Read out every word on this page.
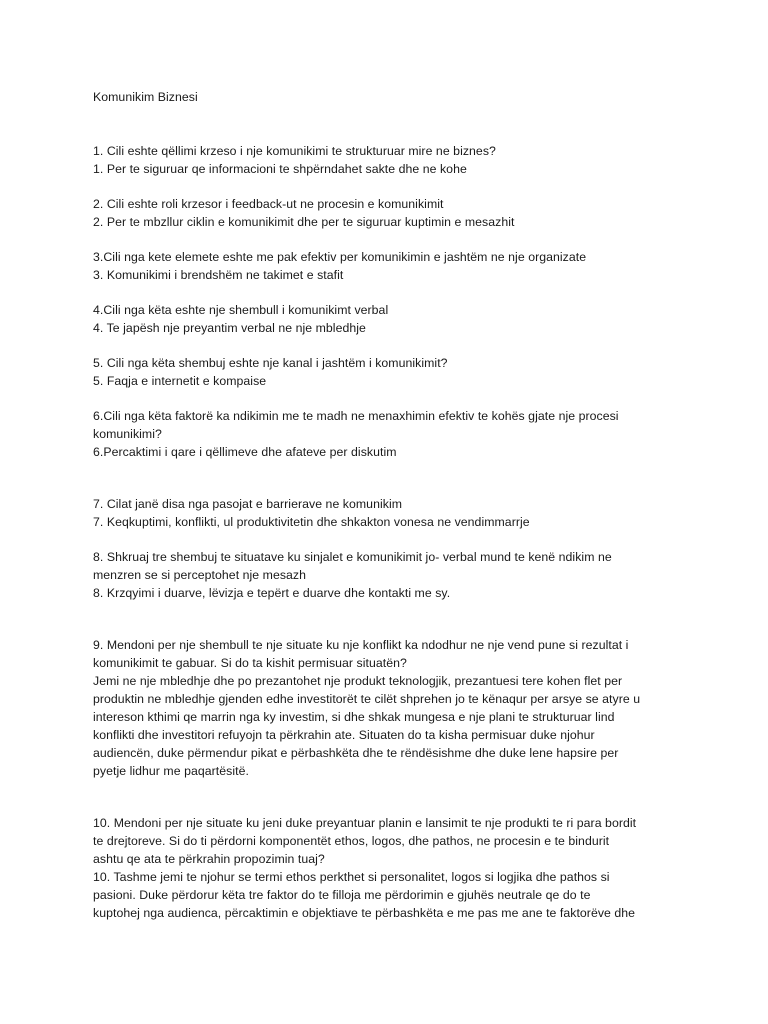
Komunikim Biznesi
1. Cili eshte qëllimi krzeso i nje komunikimi te strukturuar mire ne biznes?
1. Per te siguruar qe informacioni te shpërndahet sakte dhe ne kohe
2. Cili eshte roli krzesor i feedback-ut ne procesin e komunikimit
2. Per te mbzllur ciklin e komunikimit dhe per te siguruar kuptimin e mesazhit
3.Cili nga kete elemete eshte me pak efektiv per komunikimin e jashtëm ne nje organizate
3. Komunikimi i brendshëm ne takimet e stafit
4.Cili nga këta eshte nje shembull i komunikimt verbal
4. Te japësh nje preyantim verbal ne nje mbledhje
5. Cili nga këta shembuj eshte nje kanal i jashtëm i komunikimit?
5. Faqja e internetit e kompaise
6.Cili nga këta faktorë ka ndikimin me te madh ne menaxhimin efektiv te kohës gjate nje procesi
komunikimi?
6.Percaktimi i qare i qëllimeve dhe afateve per diskutim
7. Cilat janë disa nga pasojat e barrierave ne komunikim
7. Keqkuptimi, konflikti, ul produktivitetin dhe shkakton vonesa ne vendimmarrje
8. Shkruaj tre shembuj te situatave ku sinjalet e komunikimit jo- verbal mund te kenë ndikim ne
menzren se si perceptohet nje mesazh
8. Krzqyimi i duarve, lëvizja e tepërt e duarve dhe kontakti me sy.
9. Mendoni per nje shembull te nje situate ku nje konflikt ka ndodhur ne nje vend pune si rezultat i
komunikimit te gabuar. Si do ta kishit permisuar situatën?
Jemi ne nje mbledhje dhe po prezantohet nje produkt teknologjik, prezantuesi tere kohen flet per
produktin ne mbledhje gjenden edhe investitorët te cilët shprehen jo te kënaqur per arsye se atyre u
intereson kthimi qe marrin nga ky investim, si dhe shkak mungesa e nje plani te strukturuar lind
konflikti dhe investitori refuyojn ta përkrahin ate. Situaten do ta kisha permisuar duke njohur
audiencën, duke përmendur pikat e përbashkëta dhe te rëndësishme dhe duke lene hapsire per
pyetje lidhur me paqartësitë.
10. Mendoni per nje situate ku jeni duke preyantuar planin e lansimit te nje produkti te ri para bordit
te drejtoreve. Si do ti përdorni komponentët ethos, logos, dhe pathos, ne procesin e te bindurit
ashtu qe ata te përkrahin propozimin tuaj?
10. Tashme jemi te njohur se termi ethos perkthet si personalitet, logos si logjika dhe pathos si
pasioni. Duke përdorur këta tre faktor do te filloja me përdorimin e gjuhës neutrale qe do te
kuptohej nga audienca, përcaktimin e objektiave te përbashkëta e me pas me ane te faktorëve dhe
